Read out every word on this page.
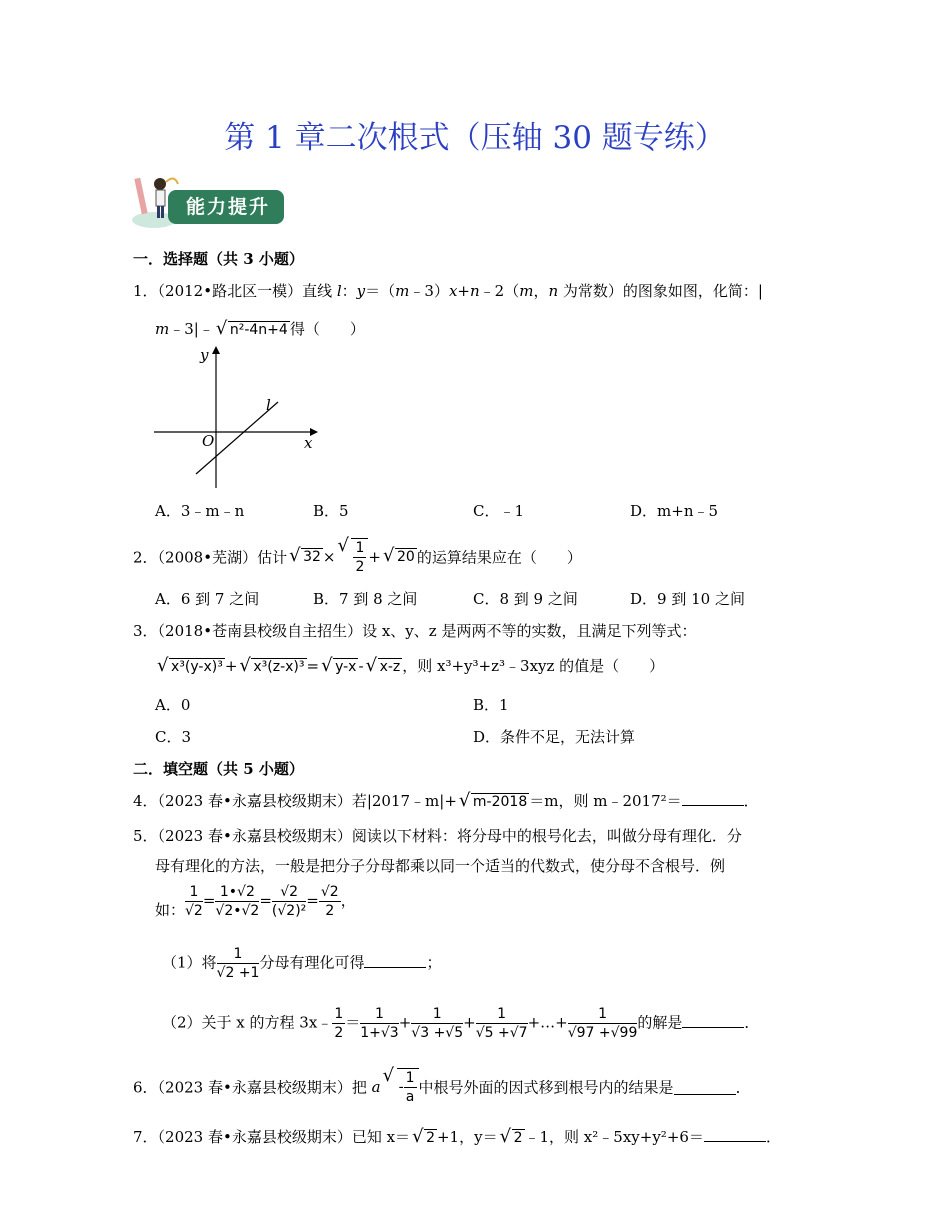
第 1 章二次根式（压轴 30 题专练）
能力提升
一．选择题（共 3 小题）
1．（2012•路北区一模）直线 l：y＝（m﹣3）x+n﹣2（m，n 为常数）的图象如图，化简：|
m﹣3|﹣√ n²-4n+4 得（　　）
y
x
O
l
A．3﹣m﹣n	B．5	C．﹣1	D．m+n﹣5
2．（2008•芜湖）估计√ 32 ×
√ $\frac{1}{2}$ +√ 20 的运算结果应在（　　）
A．6 到 7 之间	B．7 到 8 之间	C．8 到 9 之间	D．9 到 10 之间
3．（2018•苍南县校级自主招生）设 x、y、z 是两两不等的实数，且满足下列等式：
√ x³(y-x)³ +√ x³(z-x)³ =√ y-x -√ x-z ，则 x³+y³+z³﹣3xyz 的值是（　　）
A．0	B．1
C．3	D．条件不足，无法计算
二．填空题（共 5 小题）
4．（2023 春•永嘉县校级期末）若|2017﹣m|+√ m-2018 ＝m，则 m﹣2017²＝	．
5．（2023 春•永嘉县校级期末）阅读以下材料：将分母中的根号化去，叫做分母有理化．分
母有理化的方法，一般是把分子分母都乘以同一个适当的代数式，使分母不含根号．例
如： $\frac{1}{√2} = \frac{1•√2}{√2•√2} = \frac{√2}{\text{(√2)²}} = \frac{√2}{2}$ ，
（1）将 $\frac{1}{√2 +1}$ 分母有理化可得	；
（2）关于 x 的方程 3x﹣ $\frac{1}{2} = \frac{1}{1+√3} + \frac{1}{√3 +√5} + \frac{1}{√5 +√7}$ +…+ $\frac{1}{√97 +√99}$ 的解是	．
6．（2023 春•永嘉县校级期末）把 $a√ - \frac{1}{a}$ 中根号外面的因式移到根号内的结果是	．
7．（2023 春•永嘉县校级期末）已知 x＝√ 2 +1，y＝√ 2 ﹣1，则 x²﹣5xy+y²+6＝	．
